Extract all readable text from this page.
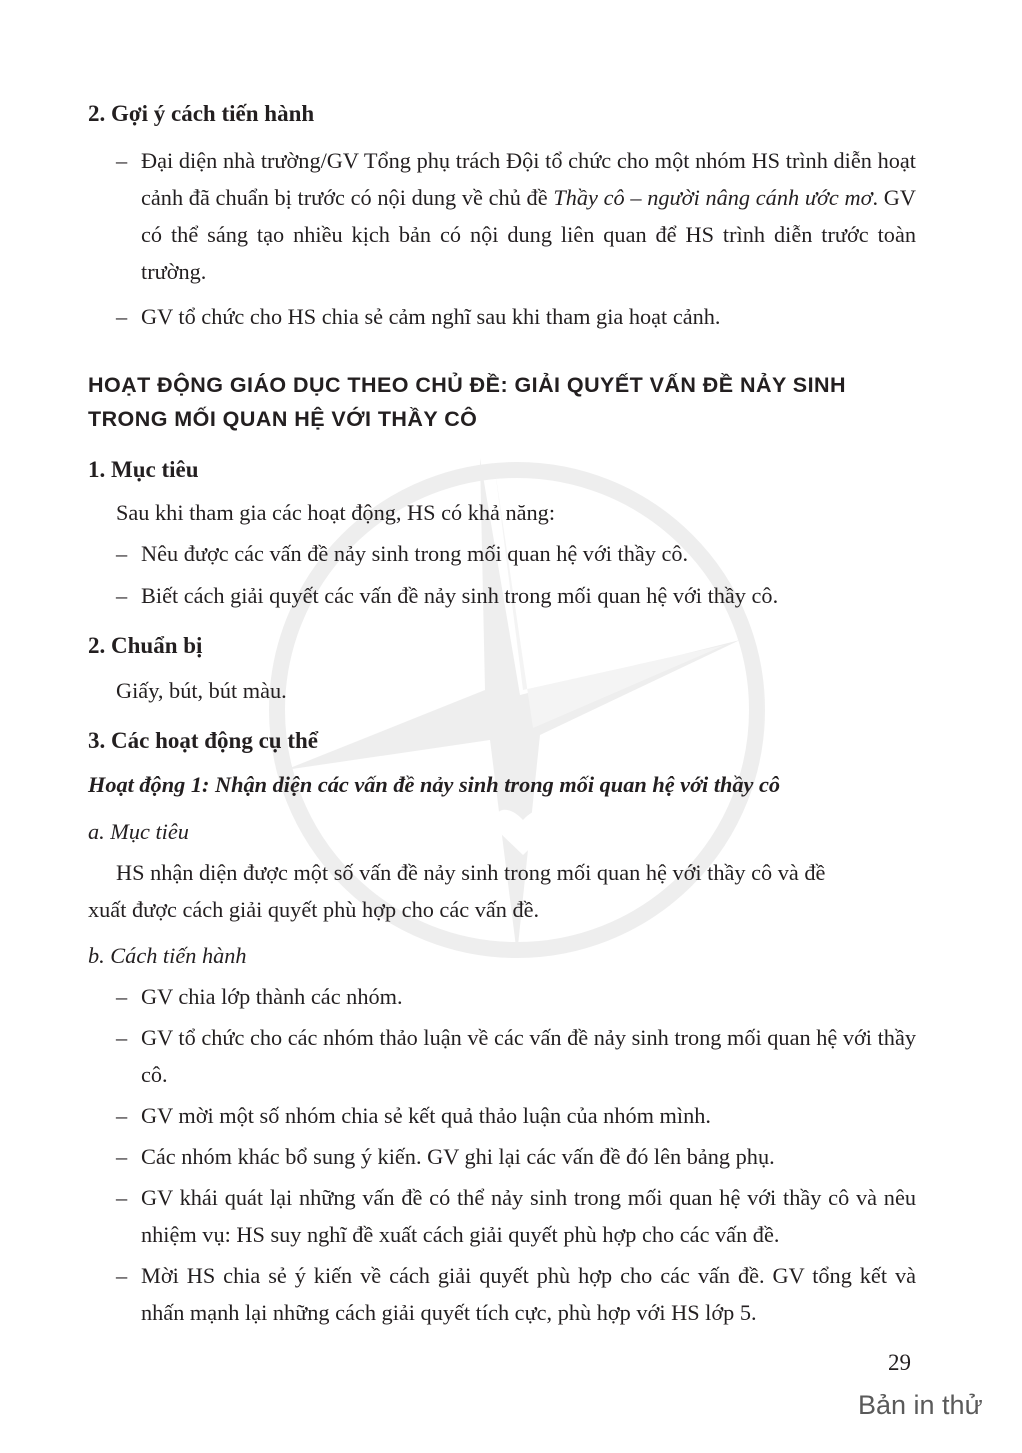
2. Gợi ý cách tiến hành
– Đại diện nhà trường/GV Tổng phụ trách Đội tổ chức cho một nhóm HS trình diễn hoạt cảnh đã chuẩn bị trước có nội dung về chủ đề Thầy cô – người nâng cánh ước mơ. GV có thể sáng tạo nhiều kịch bản có nội dung liên quan để HS trình diễn trước toàn trường.
– GV tổ chức cho HS chia sẻ cảm nghĩ sau khi tham gia hoạt cảnh.
HOẠT ĐỘNG GIÁO DỤC THEO CHỦ ĐỀ: GIẢI QUYẾT VẤN ĐỀ NẢY SINH
TRONG MỐI QUAN HỆ VỚI THẦY CÔ
1. Mục tiêu
Sau khi tham gia các hoạt động, HS có khả năng:
– Nêu được các vấn đề nảy sinh trong mối quan hệ với thầy cô.
– Biết cách giải quyết các vấn đề nảy sinh trong mối quan hệ với thầy cô.
2. Chuẩn bị
Giấy, bút, bút màu.
3. Các hoạt động cụ thể
Hoạt động 1: Nhận diện các vấn đề nảy sinh trong mối quan hệ với thầy cô
a. Mục tiêu
HS nhận diện được một số vấn đề nảy sinh trong mối quan hệ với thầy cô và đề
xuất được cách giải quyết phù hợp cho các vấn đề.
b. Cách tiến hành
– GV chia lớp thành các nhóm.
– GV tổ chức cho các nhóm thảo luận về các vấn đề nảy sinh trong mối quan hệ với thầy cô.
– GV mời một số nhóm chia sẻ kết quả thảo luận của nhóm mình.
– Các nhóm khác bổ sung ý kiến. GV ghi lại các vấn đề đó lên bảng phụ.
– GV khái quát lại những vấn đề có thể nảy sinh trong mối quan hệ với thầy cô và nêu nhiệm vụ: HS suy nghĩ đề xuất cách giải quyết phù hợp cho các vấn đề.
– Mời HS chia sẻ ý kiến về cách giải quyết phù hợp cho các vấn đề. GV tổng kết và nhấn mạnh lại những cách giải quyết tích cực, phù hợp với HS lớp 5.
29
Bản in thử
